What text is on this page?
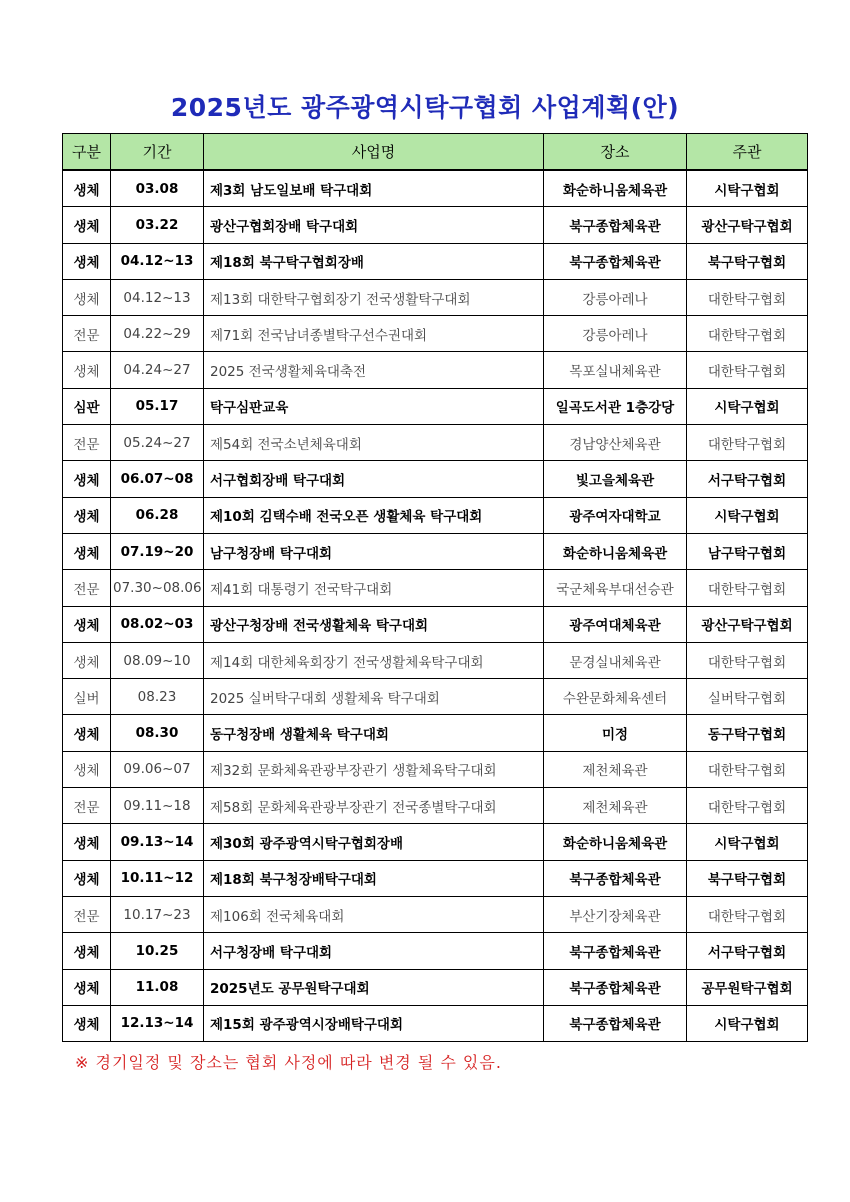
2025년도 광주광역시탁구협회 사업계획(안)
구분	기간	사업명	장소	주관
생체	03.08	제3회 남도일보배 탁구대회	화순하니움체육관	시탁구협회
생체	03.22	광산구협회장배 탁구대회	북구종합체육관	광산구탁구협회
생체	04.12~13	제18회 북구탁구협회장배	북구종합체육관	북구탁구협회
생체	04.12~13	제13회 대한탁구협회장기 전국생활탁구대회	강릉아레나	대한탁구협회
전문	04.22~29	제71회 전국남녀종별탁구선수권대회	강릉아레나	대한탁구협회
생체	04.24~27	2025 전국생활체육대축전	목포실내체육관	대한탁구협회
심판	05.17	탁구심판교육	일곡도서관 1층강당	시탁구협회
전문	05.24~27	제54회 전국소년체육대회	경남양산체육관	대한탁구협회
생체	06.07~08	서구협회장배 탁구대회	빛고을체육관	서구탁구협회
생체	06.28	제10회 김택수배 전국오픈 생활체육 탁구대회	광주여자대학교	시탁구협회
생체	07.19~20	남구청장배 탁구대회	화순하니움체육관	남구탁구협회
전문	07.30~08.06	제41회 대통령기 전국탁구대회	국군체육부대선승관	대한탁구협회
생체	08.02~03	광산구청장배 전국생활체육 탁구대회	광주여대체육관	광산구탁구협회
생체	08.09~10	제14회 대한체육회장기 전국생활체육탁구대회	문경실내체육관	대한탁구협회
실버	08.23	2025 실버탁구대회 생활체육 탁구대회	수완문화체육센터	실버탁구협회
생체	08.30	동구청장배 생활체육 탁구대회	미정	동구탁구협회
생체	09.06~07	제32회 문화체육관광부장관기 생활체육탁구대회	제천체육관	대한탁구협회
전문	09.11~18	제58회 문화체육관광부장관기 전국종별탁구대회	제천체육관	대한탁구협회
생체	09.13~14	제30회 광주광역시탁구협회장배	화순하니움체육관	시탁구협회
생체	10.11~12	제18회 북구청장배탁구대회	북구종합체육관	북구탁구협회
전문	10.17~23	제106회 전국체육대회	부산기장체육관	대한탁구협회
생체	10.25	서구청장배 탁구대회	북구종합체육관	서구탁구협회
생체	11.08	2025년도 공무원탁구대회	북구종합체육관	공무원탁구협회
생체	12.13~14	제15회 광주광역시장배탁구대회	북구종합체육관	시탁구협회
※ 경기일정 및 장소는 협회 사정에 따라 변경 될 수 있음.
